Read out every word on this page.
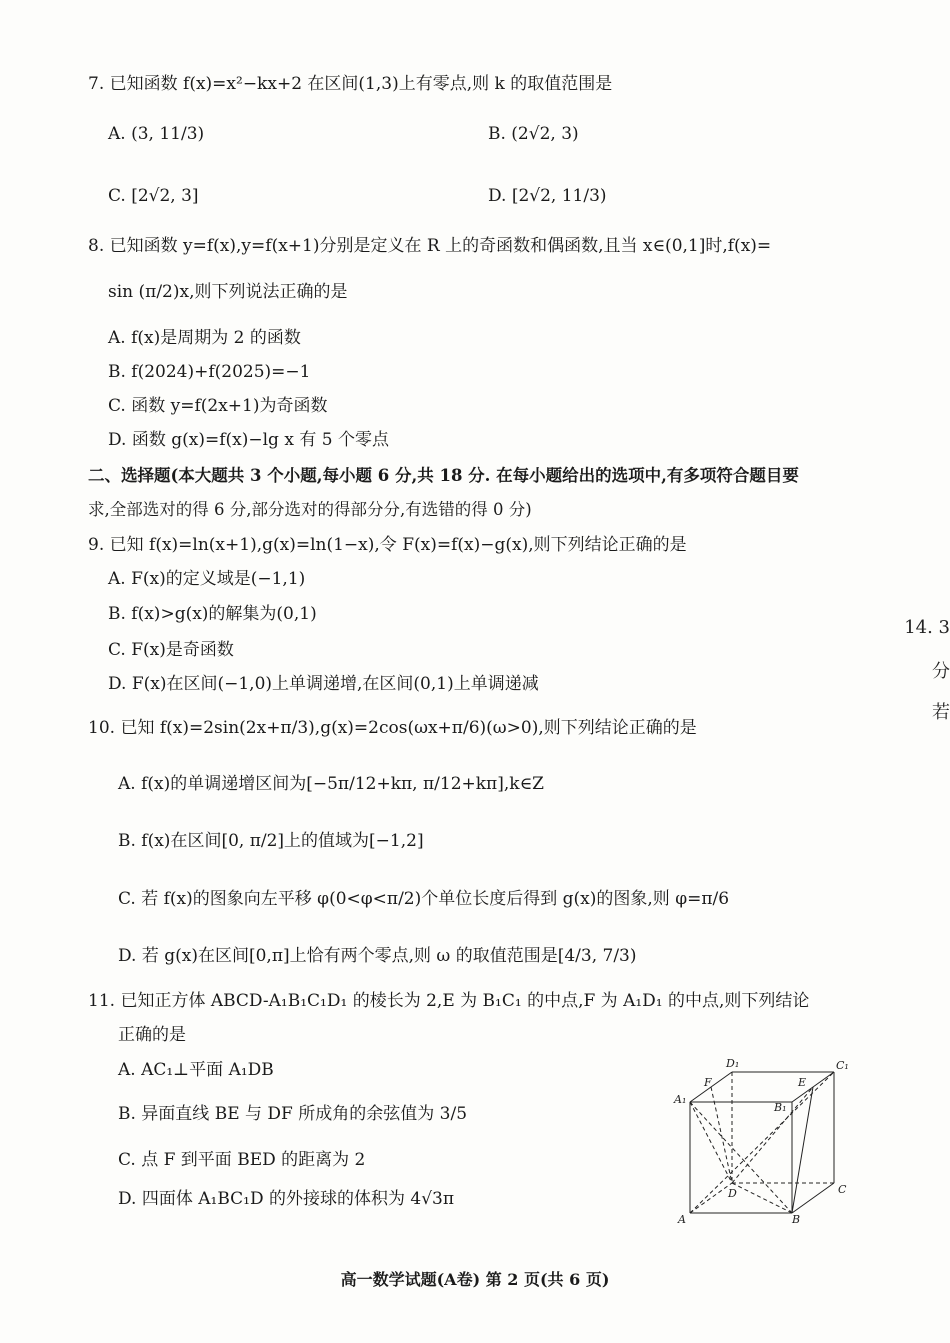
7. 已知函数 f(x)=x²−kx+2 在区间(1,3)上有零点,则 k 的取值范围是
A. (3, 11/3)	B. (2√2, 3)
C. [2√2, 3]	D. [2√2, 11/3)
8. 已知函数 y=f(x),y=f(x+1)分别是定义在 R 上的奇函数和偶函数,且当 x∈(0,1]时,f(x)=
sin (π/2)x,则下列说法正确的是
A. f(x)是周期为 2 的函数
B. f(2024)+f(2025)=−1
C. 函数 y=f(2x+1)为奇函数
D. 函数 g(x)=f(x)−lg x 有 5 个零点
二、选择题(本大题共 3 个小题,每小题 6 分,共 18 分. 在每小题给出的选项中,有多项符合题目要
求,全部选对的得 6 分,部分选对的得部分分,有选错的得 0 分)
9. 已知 f(x)=ln(x+1),g(x)=ln(1−x),令 F(x)=f(x)−g(x),则下列结论正确的是
A. F(x)的定义域是(−1,1)
B. f(x)>g(x)的解集为(0,1)
C. F(x)是奇函数
D. F(x)在区间(−1,0)上单调递增,在区间(0,1)上单调递减
10. 已知 f(x)=2sin(2x+π/3),g(x)=2cos(ωx+π/6)(ω>0),则下列结论正确的是
A. f(x)的单调递增区间为[−5π/12+kπ, π/12+kπ],k∈Z
B. f(x)在区间[0, π/2]上的值域为[−1,2]
C. 若 f(x)的图象向左平移 φ(0<φ<π/2)个单位长度后得到 g(x)的图象,则 φ=π/6
D. 若 g(x)在区间[0,π]上恰有两个零点,则 ω 的取值范围是[4/3, 7/3)
11. 已知正方体 ABCD-A₁B₁C₁D₁ 的棱长为 2,E 为 B₁C₁ 的中点,F 为 A₁D₁ 的中点,则下列结论
正确的是
A. AC₁⊥平面 A₁DB
B. 异面直线 BE 与 DF 所成角的余弦值为 3/5
C. 点 F 到平面 BED 的距离为 2
D. 四面体 A₁BC₁D 的外接球的体积为 4√3π
D₁	C₁
A₁
B₁
F	E
A	B
C
D
14. 3
分
若
高一数学试题(A卷) 第 2 页(共 6 页)
